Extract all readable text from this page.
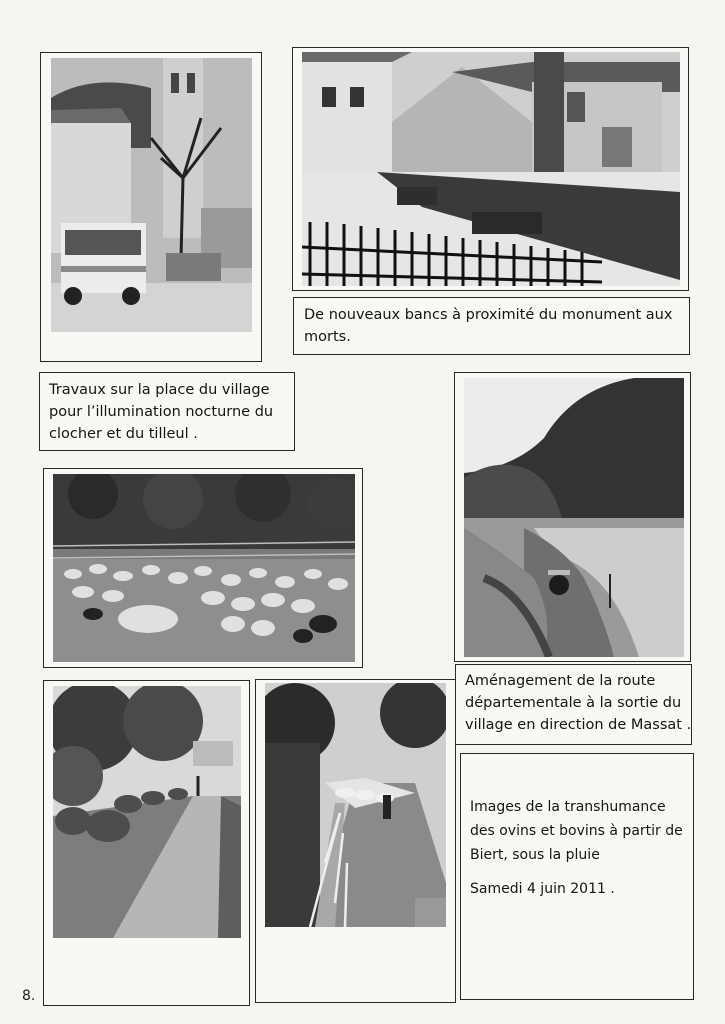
De nouveaux bancs à proximité du monument aux
morts.
Travaux sur la place du village
pour l’illumination nocturne du
clocher et du tilleul .
Aménagement de la route
départementale à la sortie du
village en direction de Massat .
Images de la transhumance
des ovins et bovins à partir de
Biert, sous la pluie
Samedi 4 juin 2011 .
8.
